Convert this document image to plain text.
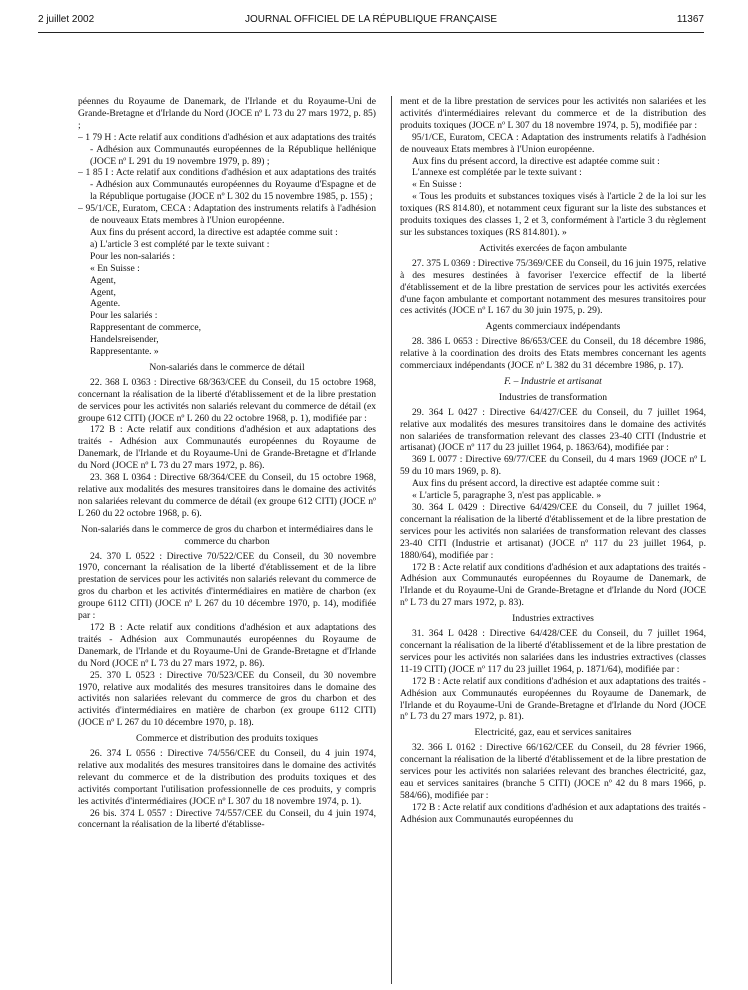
2 juillet 2002	JOURNAL OFFICIEL DE LA RÉPUBLIQUE FRANÇAISE	11367

péennes du Royaume de Danemark, de l'Irlande et du Royaume-Uni de Grande-Bretagne et d'Irlande du Nord (JOCE nº L 73 du 27 mars 1972, p. 85) ;

– 1 79 H : Acte relatif aux conditions d'adhésion et aux adaptations des traités - Adhésion aux Communautés européennes de la République hellénique (JOCE nº L 291 du 19 novembre 1979, p. 89) ;

– 1 85 I : Acte relatif aux conditions d'adhésion et aux adaptations des traités - Adhésion aux Communautés européennes du Royaume d'Espagne et de la République portugaise (JOCE nº L 302 du 15 novembre 1985, p. 155) ;

– 95/1/CE, Euratom, CECA : Adaptation des instruments relatifs à l'adhésion de nouveaux Etats membres à l'Union européenne.

Aux fins du présent accord, la directive est adaptée comme suit :

a) L'article 3 est complété par le texte suivant :

Pour les non-salariés :

« En Suisse :

Agent,

Agent,

Agente.

Pour les salariés :

Rappresentant de commerce,

Handelsreisender,

Rappresentante. »

Non-salariés dans le commerce de détail

22. 368 L 0363 : Directive 68/363/CEE du Conseil, du 15 octobre 1968, concernant la réalisation de la liberté d'établissement et de la libre prestation de services pour les activités non salariés relevant du commerce de détail (ex groupe 612 CITI) (JOCE nº L 260 du 22 octobre 1968, p. 1), modifiée par :

172 B : Acte relatif aux conditions d'adhésion et aux adaptations des traités - Adhésion aux Communautés européennes du Royaume de Danemark, de l'Irlande et du Royaume-Uni de Grande-Bretagne et d'Irlande du Nord (JOCE nº L 73 du 27 mars 1972, p. 86).

23. 368 L 0364 : Directive 68/364/CEE du Conseil, du 15 octobre 1968, relative aux modalités des mesures transitoires dans le domaine des activités non salariées relevant du commerce de détail (ex groupe 612 CITI) (JOCE nº L 260 du 22 octobre 1968, p. 6).

Non-salariés dans le commerce de gros du charbon et intermédiaires dans le commerce du charbon

24. 370 L 0522 : Directive 70/522/CEE du Conseil, du 30 novembre 1970, concernant la réalisation de la liberté d'établissement et de la libre prestation de services pour les activités non salariés relevant du commerce de gros du charbon et les activités d'intermédiaires en matière de charbon (ex groupe 6112 CITI) (JOCE nº L 267 du 10 décembre 1970, p. 14), modifiée par :

172 B : Acte relatif aux conditions d'adhésion et aux adaptations des traités - Adhésion aux Communautés européennes du Royaume de Danemark, de l'Irlande et du Royaume-Uni de Grande-Bretagne et d'Irlande du Nord (JOCE nº L 73 du 27 mars 1972, p. 86).

25. 370 L 0523 : Directive 70/523/CEE du Conseil, du 30 novembre 1970, relative aux modalités des mesures transitoires dans le domaine des activités non salariées relevant du commerce de gros du charbon et des activités d'intermédiaires en matière de charbon (ex groupe 6112 CITI) (JOCE nº L 267 du 10 décembre 1970, p. 18).

Commerce et distribution des produits toxiques

26. 374 L 0556 : Directive 74/556/CEE du Conseil, du 4 juin 1974, relative aux modalités des mesures transitoires dans le domaine des activités relevant du commerce et de la distribution des produits toxiques et des activités comportant l'utilisation professionnelle de ces produits, y compris les activités d'intermédiaires (JOCE nº L 307 du 18 novembre 1974, p. 1).

26 bis. 374 L 0557 : Directive 74/557/CEE du Conseil, du 4 juin 1974, concernant la réalisation de la liberté d'établisse-

ment et de la libre prestation de services pour les activités non salariées et les activités d'intermédiaires relevant du commerce et de la distribution des produits toxiques (JOCE nº L 307 du 18 novembre 1974, p. 5), modifiée par :

95/1/CE, Euratom, CECA : Adaptation des instruments relatifs à l'adhésion de nouveaux Etats membres à l'Union européenne.

Aux fins du présent accord, la directive est adaptée comme suit :

L'annexe est complétée par le texte suivant :

« En Suisse :

« Tous les produits et substances toxiques visés à l'article 2 de la loi sur les toxiques (RS 814.80), et notamment ceux figurant sur la liste des substances et produits toxiques des classes 1, 2 et 3, conformément à l'article 3 du règlement sur les substances toxiques (RS 814.801). »

Activités exercées de façon ambulante

27. 375 L 0369 : Directive 75/369/CEE du Conseil, du 16 juin 1975, relative à des mesures destinées à favoriser l'exercice effectif de la liberté d'établissement et de la libre prestation de services pour les activités exercées d'une façon ambulante et comportant notamment des mesures transitoires pour ces activités (JOCE nº L 167 du 30 juin 1975, p. 29).

Agents commerciaux indépendants

28. 386 L 0653 : Directive 86/653/CEE du Conseil, du 18 décembre 1986, relative à la coordination des droits des Etats membres concernant les agents commerciaux indépendants (JOCE nº L 382 du 31 décembre 1986, p. 17).

F. – Industrie et artisanat

Industries de transformation

29. 364 L 0427 : Directive 64/427/CEE du Conseil, du 7 juillet 1964, relative aux modalités des mesures transitoires dans le domaine des activités non salariées de transformation relevant des classes 23-40 CITI (Industrie et artisanat) (JOCE nº 117 du 23 juillet 1964, p. 1863/64), modifiée par :

369 L 0077 : Directive 69/77/CEE du Conseil, du 4 mars 1969 (JOCE nº L 59 du 10 mars 1969, p. 8).

Aux fins du présent accord, la directive est adaptée comme suit :

« L'article 5, paragraphe 3, n'est pas applicable. »

30. 364 L 0429 : Directive 64/429/CEE du Conseil, du 7 juillet 1964, concernant la réalisation de la liberté d'établissement et de la libre prestation de services pour les activités non salariées de transformation relevant des classes 23-40 CITI (Industrie et artisanat) (JOCE nº 117 du 23 juillet 1964, p. 1880/64), modifiée par :

172 B : Acte relatif aux conditions d'adhésion et aux adaptations des traités - Adhésion aux Communautés européennes du Royaume de Danemark, de l'Irlande et du Royaume-Uni de Grande-Bretagne et d'Irlande du Nord (JOCE nº L 73 du 27 mars 1972, p. 83).

Industries extractives

31. 364 L 0428 : Directive 64/428/CEE du Conseil, du 7 juillet 1964, concernant la réalisation de la liberté d'établissement et de la libre prestation de services pour les activités non salariées dans les industries extractives (classes 11-19 CITI) (JOCE nº 117 du 23 juillet 1964, p. 1871/64), modifiée par :

172 B : Acte relatif aux conditions d'adhésion et aux adaptations des traités - Adhésion aux Communautés européennes du Royaume de Danemark, de l'Irlande et du Royaume-Uni de Grande-Bretagne et d'Irlande du Nord (JOCE nº L 73 du 27 mars 1972, p. 81).

Electricité, gaz, eau et services sanitaires

32. 366 L 0162 : Directive 66/162/CEE du Conseil, du 28 février 1966, concernant la réalisation de la liberté d'établissement et de la libre prestation de services pour les activités non salariées relevant des branches électricité, gaz, eau et services sanitaires (branche 5 CITI) (JOCE nº 42 du 8 mars 1966, p. 584/66), modifiée par :

172 B : Acte relatif aux conditions d'adhésion et aux adaptations des traités - Adhésion aux Communautés européennes du
